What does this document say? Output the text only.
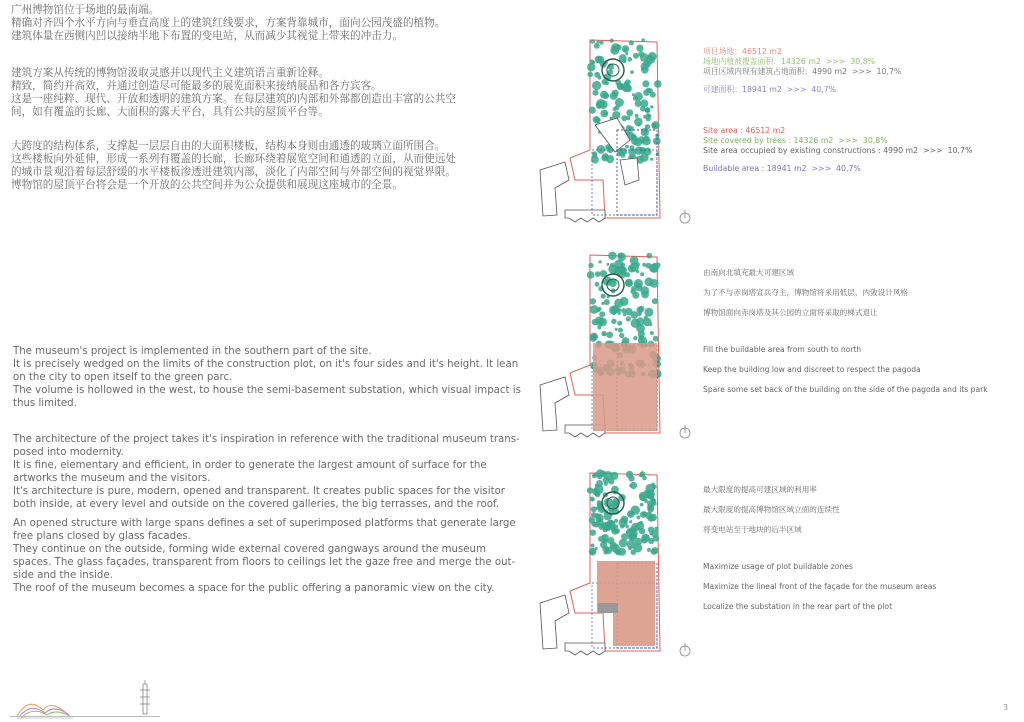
广州博物馆位于场地的最南端。
精确对齐四个水平方向与垂直高度上的建筑红线要求，方案背靠城市，面向公园茂盛的植物。
建筑体量在西侧内凹以接纳半地下布置的变电站，从而减少其视觉上带来的冲击力。
建筑方案从传统的博物馆汲取灵感并以现代主义建筑语言重新诠释。
精致，简约并高效，并通过创造尽可能最多的展览面积来接纳展品和各方宾客。
这是一座纯粹、现代、开放和透明的建筑方案。在每层建筑的内部和外部都创造出丰富的公共空
间，如有覆盖的长廊、大面积的露天平台，具有公共的屋顶平台等。
大跨度的结构体系，支撑起一层层自由的大面积楼板，结构本身则由通透的玻璃立面所围合。
这些楼板向外延伸，形成一系列有覆盖的长廊，长廊环绕着展览空间和通透的立面，从而使远处
的城市景观沿着每层舒缓的水平楼板渗透进建筑内部，淡化了内部空间与外部空间的视觉界限。
博物馆的屋顶平台将会是一个开放的公共空间并为公众提供和展现这座城市的全景。
The museum's project is implemented in the southern part of the site.
It is precisely wedged on the limits of the construction plot, on it's four sides and it's height. It lean
on the city to open itself to the green parc.
The volume is hollowed in the west, to house the semi-basement substation, which visual impact is
thus limited.
The architecture of the project takes it's inspiration in reference with the traditional museum trans-
posed into modernity.
It is fine, elementary and efficient, in order to generate the largest amount of surface for the
artworks the museum and the visitors.
It's architecture is pure, modern, opened and transparent. It creates public spaces for the visitor
both inside, at every level and outside on the covered galleries, the big terrasses, and the roof.
An opened structure with large spans defines a set of superimposed platforms that generate large
free plans closed by glass facades.
They continue on the outside, forming wide external covered gangways around the museum
spaces. The glass façades, transparent from floors to ceilings let the gaze free and merge the out-
side and the inside.
The roof of the museum becomes a space for the public offering a panoramic view on the city.
项目场地：46512 m2
场地内植被覆盖面积：14326 m2  >>>  30,8%
项目区域内现有建筑占地面积：4990 m2  >>>  10,7%
可建面积：18941 m2  >>>  40,7%
Site area : 46512 m2
Site covered by trees : 14326 m2  >>>  30,8%
Site area occupied by existing constructions : 4990 m2  >>>  10,7%
Buildable area : 18941 m2  >>>  40,7%
由南向北填充最大可建区域
为了不与赤岗塔宣兵夺主，博物馆将采用低层，内敛设计风格
博物馆面向赤岗塔及其公园的立面将采取的梯式退让
Fill the buildable area from south to north
Keep the building low and discreet to respect the pagoda
Spare some set back of the building on the side of the pagoda and its park
最大限度的提高可建区域的利用率
最大限度的提高博物馆区域立面的连续性
将变电站至于地块的后半区域
Maximize usage of plot buildable zones
Maximize the lineal front of the façade for the museum areas
Localize the substation in the rear part of the plot
3
